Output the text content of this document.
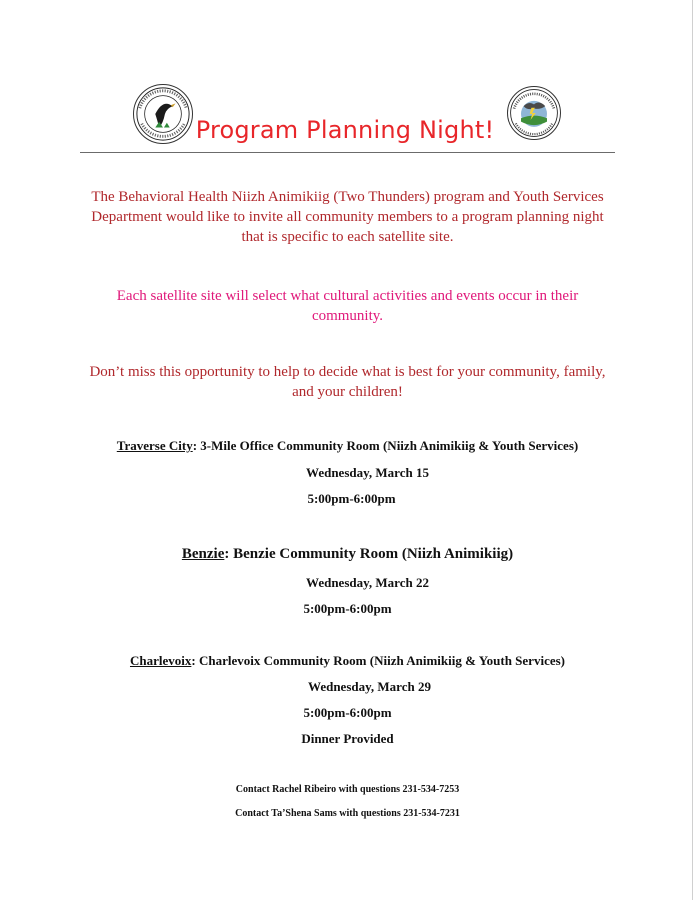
Program Planning Night!
The Behavioral Health Niizh Animikiig (Two Thunders) program and Youth Services Department would like to invite all community members to a program planning night that is specific to each satellite site.
Each satellite site will select what cultural activities and events occur in their community.
Don’t miss this opportunity to help to decide what is best for your community, family, and your children!
Traverse City: 3-Mile Office Community Room (Niizh Animikiig & Youth Services)
Wednesday, March 15
5:00pm-6:00pm
Benzie: Benzie Community Room (Niizh Animikiig)
Wednesday, March 22
5:00pm-6:00pm
Charlevoix: Charlevoix Community Room (Niizh Animikiig & Youth Services)
Wednesday, March 29
5:00pm-6:00pm
Dinner Provided
Contact Rachel Ribeiro with questions 231-534-7253
Contact Ta’Shena Sams with questions 231-534-7231
